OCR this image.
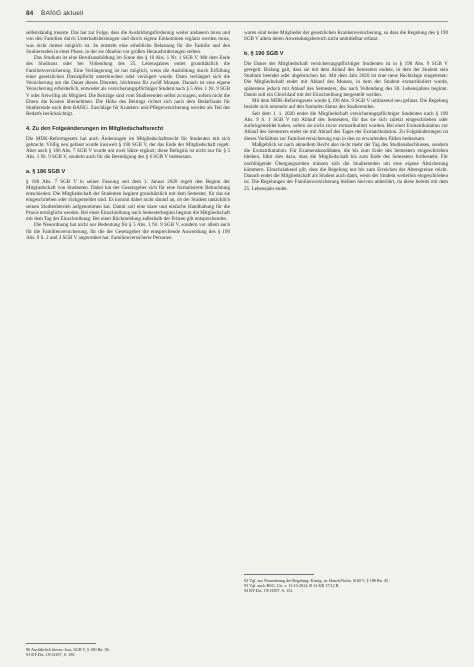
84 BAföG aktuell

selbstständig musste. Das hat zur Folge, dass die Ausbildungsförderung weiter andauern muss und von den Familien durch Unterhaltsleistungen und durch eigene Einkommen ergänzt werden muss, was nicht immer möglich ist. So entsteht eine erhebliche Belastung für die Familie und den Studierenden in einer Phase, in der sie ohnehin vor großen Herausforderungen stehen.

Das Studium ist eine Berufsausbildung im Sinne des § 10 Abs. 1 Nr. 1 SGB V. Mit dem Ende des Studiums oder bei Vollendung des 25. Lebensjahres endet grundsätzlich die Familienversicherung. Eine Verlängerung ist nur möglich, wenn die Ausbildung durch Erfüllung einer gesetzlichen Dienstpflicht unterbrochen oder verzögert wurde. Dann verlängert sich die Versicherung um die Dauer dieses Dienstes, höchstens für zwölf Monate. Danach ist eine eigene Versicherung erforderlich, entweder als versicherungspflichtiger Student nach § 5 Abs. 1 Nr. 9 SGB V oder freiwillig als Mitglied. Die Beiträge sind vom Studierenden selbst zu tragen, sofern nicht die Eltern die Kosten übernehmen. Die Höhe des Beitrags richtet sich nach dem Bedarfssatz für Studierende nach dem BAföG. Zuschläge für Kranken- und Pflegeversicherung werden als Teil des Bedarfs berücksichtigt.

4. Zu den Folgeänderungen im Mitgliedschaftsrecht

Die MDK-Reformgesetz hat auch Änderungen im Mitgliedschaftsrecht für Studenten mit sich gebracht. Völlig neu gefasst wurde insoweit § 190 SGB V, der das Ende der Mitgliedschaft regelt. Aber auch § 186 Abs. 7 SGB V wurde um zwei Sätze ergänzt; diese Befugnis ist nicht nur für § 5 Abs. 1 Nr. 9 SGB V, sondern auch für die Beendigung des § 6 SGB V bedeutsam.

a. § 186 SGB V

§ 186 Abs. 7 SGB V in seiner Fassung seit dem 1. Januar 2020 regelt den Beginn der Mitgliedschaft von Studenten. Dabei hat der Gesetzgeber sich für eine formalisierte Betrachtung entschieden: Die Mitgliedschaft der Studenten beginnt grundsätzlich mit dem Semester, für das sie eingeschrieben oder rückgemeldet sind. Es kommt daher nicht darauf an, ob der Student tatsächlich seinen Studienbetrieb aufgenommen hat. Damit soll eine klare und einfache Handhabung für die Praxis ermöglicht werden. Bei einer Einschreibung nach Semesterbeginn beginnt die Mitgliedschaft mit dem Tag der Einschreibung. Bei einer Rückmeldung außerhalb der Fristen gilt entsprechendes.

Die Neuordnung hat nicht nur Bedeutung für § 5 Abs. 1 Nr. 9 SGB V, sondern vor allem auch für die Familienversicherung, für die der Gesetzgeber die entsprechende Anwendung des § 190 Abs. 9 S. 2 und 3 SGB V angeordnet hat. Familienversicherte Personen

90 Ausführlich hierzu: Just, SGB V, § 190 Rn. 36.

91 BT-Drs. 19/13397, S. 150.

waren sind keine Mitglieder der gesetzlichen Krankenversicherung, so dass die Regelung des § 190 SGB V allein deren Anwendungsbereich nicht unmittelbar erfasst.

b. § 190 SGB V

Die Dauer der Mitgliedschaft versicherungspflichtiger Studenten ist in § 190 Abs. 9 SGB V geregelt. Bislang galt, dass sie mit dem Ablauf des Semesters endete, in dem der Student sein Studium beendet oder abgebrochen hat. Mit dem Jahr 2020 ist eine neue Rechtslage eingetreten: Die Mitgliedschaft endet mit Ablauf des Monats, in dem der Student exmatrikuliert wurde, spätestens jedoch mit Ablauf des Semesters, das nach Vollendung des 30. Lebensjahres beginnt. Damit soll ein Gleichlauf mit der Einschreibung hergestellt werden.

Mit dem MDK-Reformgesetz wurde § 190 Abs. 9 SGB V umfassend neu gefasst. Die Regelung bezieht sich nunmehr auf den formalen Status des Studierenden.

Seit dem 1. 1. 2020 endet die Mitgliedschaft versicherungspflichtiger Studenten nach § 190 Abs. 9 S. 1 SGB V mit Ablauf des Semesters, für das sie sich zuletzt eingeschrieben oder zurückgemeldet haben, sofern sie nicht zuvor exmatrikuliert wurden. Bei einer Exmatrikulation vor Ablauf des Semesters endet sie mit Ablauf des Tages der Exmatrikulation. Zu Folgeänderungen ist dieses Verhältnis zur Familienversicherung nun in den zu erwartenden Fällen bedeutsam.

Maßgeblich ist nach aktuellem Recht also nicht mehr der Tag des Studienabschlusses, sondern die Exmatrikulation. Für Examenskandidaten, die bis zum Ende des Semesters eingeschrieben bleiben, führt dies dazu, dass die Mitgliedschaft bis zum Ende des Semesters fortbesteht. Für nachfolgende Übergangszeiten müssen sich die Studierenden um eine eigene Absicherung kümmern. Einschränkend gilt, dass die Regelung nur bis zum Erreichen der Altersgrenze reicht. Danach endet die Mitgliedschaft als Student auch dann, wenn der Student weiterhin eingeschrieben ist. Die Regelungen der Familienversicherung bleiben hiervon unberührt, da diese bereits mit dem 25. Lebensjahr endet.

92 Vgl. zur Neuordnung der Regelung: Kirnig, in: Hauck/Noftz, SGB V, § 186 Rn. 45.

93 Vgl. auch BSG, Urt. v. 15.10.2014, B 12 KR 17/12 R.

94 BT-Drs. 19/13397, S. 152.
